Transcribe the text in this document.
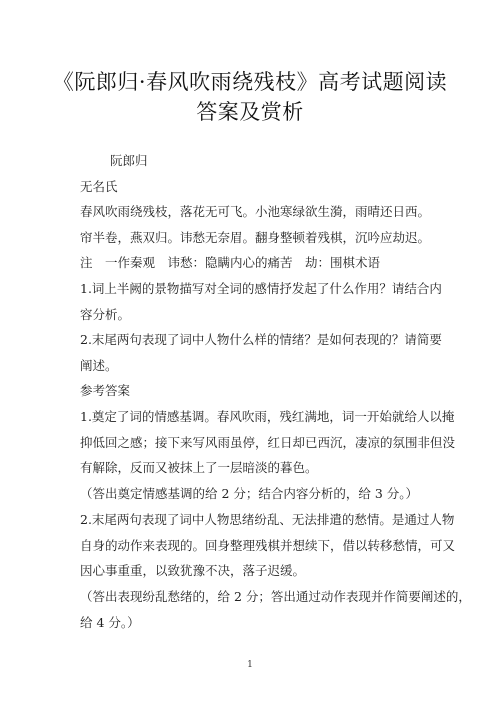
《阮郎归·春风吹雨绕残枝》高考试题阅读
答案及赏析
阮郎归
无名氏
春风吹雨绕残枝，落花无可飞。小池寒绿欲生漪，雨晴还日西。
帘半卷，燕双归。讳愁无奈眉。翻身整顿着残棋，沉吟应劫迟。
注　一作秦观　讳愁：隐瞒内心的痛苦　劫：围棋术语
1.词上半阙的景物描写对全词的感情抒发起了什么作用？请结合内
容分析。
2.末尾两句表现了词中人物什么样的情绪？是如何表现的？请简要
阐述。
参考答案
1.奠定了词的情感基调。春风吹雨，残红满地，词一开始就给人以掩
抑低回之感；接下来写风雨虽停，红日却已西沉，凄凉的氛围非但没
有解除，反而又被抹上了一层暗淡的暮色。
（答出奠定情感基调的给 2 分；结合内容分析的，给 3 分。）
2.末尾两句表现了词中人物思绪纷乱、无法排遣的愁情。是通过人物
自身的动作来表现的。回身整理残棋并想续下，借以转移愁情，可又
因心事重重，以致犹豫不决，落子迟缓。
（答出表现纷乱愁绪的，给 2 分；答出通过动作表现并作简要阐述的，
给 4 分。）
1
